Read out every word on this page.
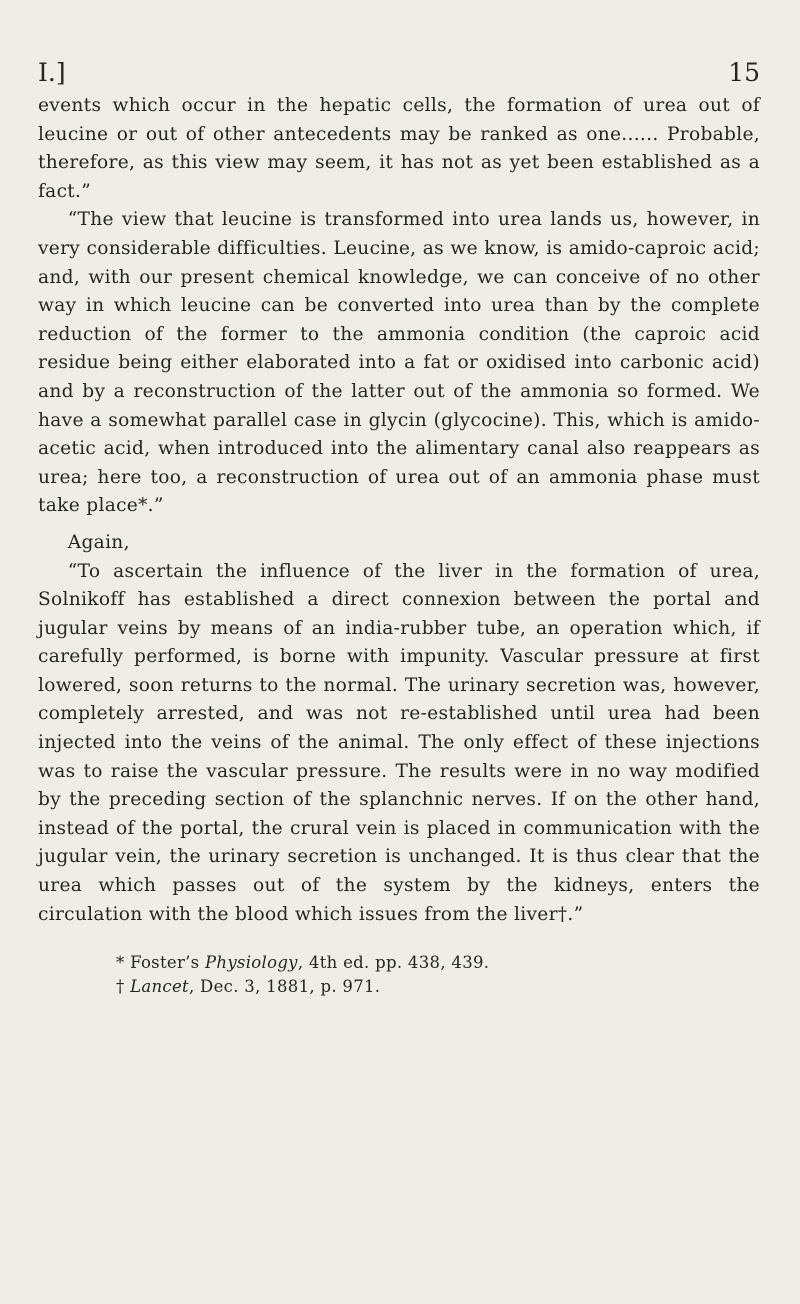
I.]	15

events which occur in the hepatic cells, the formation of urea out of leucine or out of other antecedents may be ranked as one...... Probable, therefore, as this view may seem, it has not as yet been established as a fact.”

“The view that leucine is transformed into urea lands us, however, in very considerable difficulties. Leucine, as we know, is amido-caproic acid; and, with our present chemical knowledge, we can conceive of no other way in which leucine can be converted into urea than by the complete reduction of the former to the ammonia condition (the caproic acid residue being either elaborated into a fat or oxidised into carbonic acid) and by a reconstruction of the latter out of the ammonia so formed. We have a somewhat parallel case in glycin (glycocine). This, which is amido-acetic acid, when introduced into the alimentary canal also reappears as urea; here too, a reconstruction of urea out of an ammonia phase must take place*.”

Again,

“To ascertain the influence of the liver in the formation of urea, Solnikoff has established a direct connexion between the portal and jugular veins by means of an india-rubber tube, an operation which, if carefully performed, is borne with impunity. Vascular pressure at first lowered, soon returns to the normal. The urinary secretion was, however, completely arrested, and was not re-established until urea had been injected into the veins of the animal. The only effect of these injections was to raise the vascular pressure. The results were in no way modified by the preceding section of the splanchnic nerves. If on the other hand, instead of the portal, the crural vein is placed in communication with the jugular vein, the urinary secretion is unchanged. It is thus clear that the urea which passes out of the system by the kidneys, enters the circulation with the blood which issues from the liver†.”

* Foster’s Physiology, 4th ed. pp. 438, 439.

† Lancet, Dec. 3, 1881, p. 971.
